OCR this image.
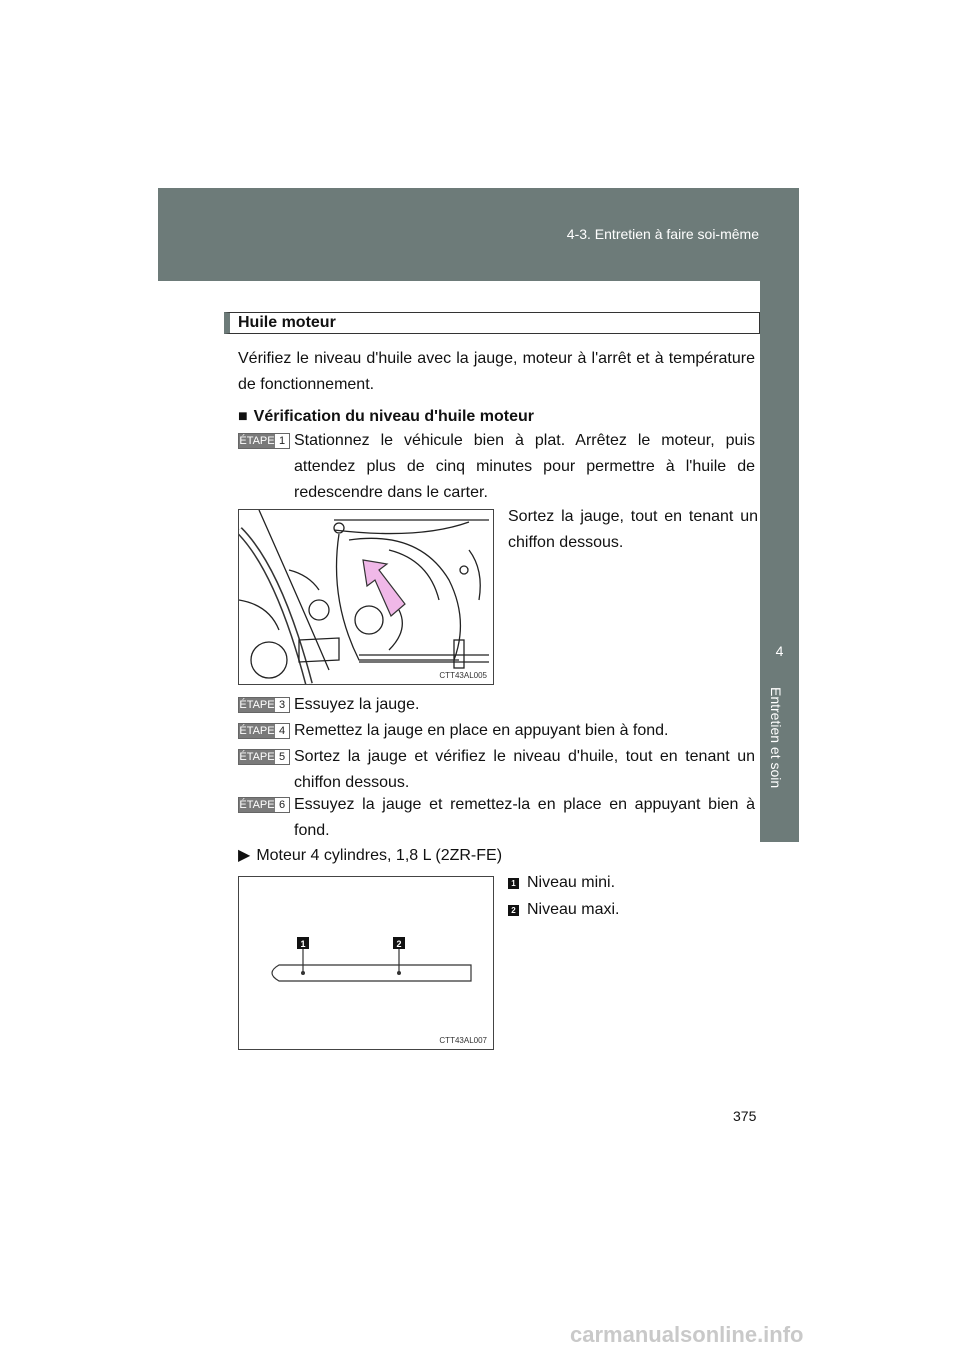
4-3. Entretien à faire soi-même
4
Entretien et soin
Huile moteur
Vérifiez le niveau d'huile avec la jauge, moteur à l'arrêt et à température de fonctionnement.
■ Vérification du niveau d'huile moteur
ÉTAPE 1 Stationnez le véhicule bien à plat. Arrêtez le moteur, puis attendez plus de cinq minutes pour permettre à l'huile de redescendre dans le carter.
Sortez la jauge, tout en tenant un chiffon dessous.
CTT43AL005
ÉTAPE 3 Essuyez la jauge.
ÉTAPE 4 Remettez la jauge en place en appuyant bien à fond.
ÉTAPE 5 Sortez la jauge et vérifiez le niveau d'huile, tout en tenant un chiffon dessous.
ÉTAPE 6 Essuyez la jauge et remettez-la en place en appuyant bien à fond.
▶ Moteur 4 cylindres, 1,8 L (2ZR-FE)
1	2
CTT43AL007
1 Niveau mini.
2 Niveau maxi.
375
carmanualsonline.info
